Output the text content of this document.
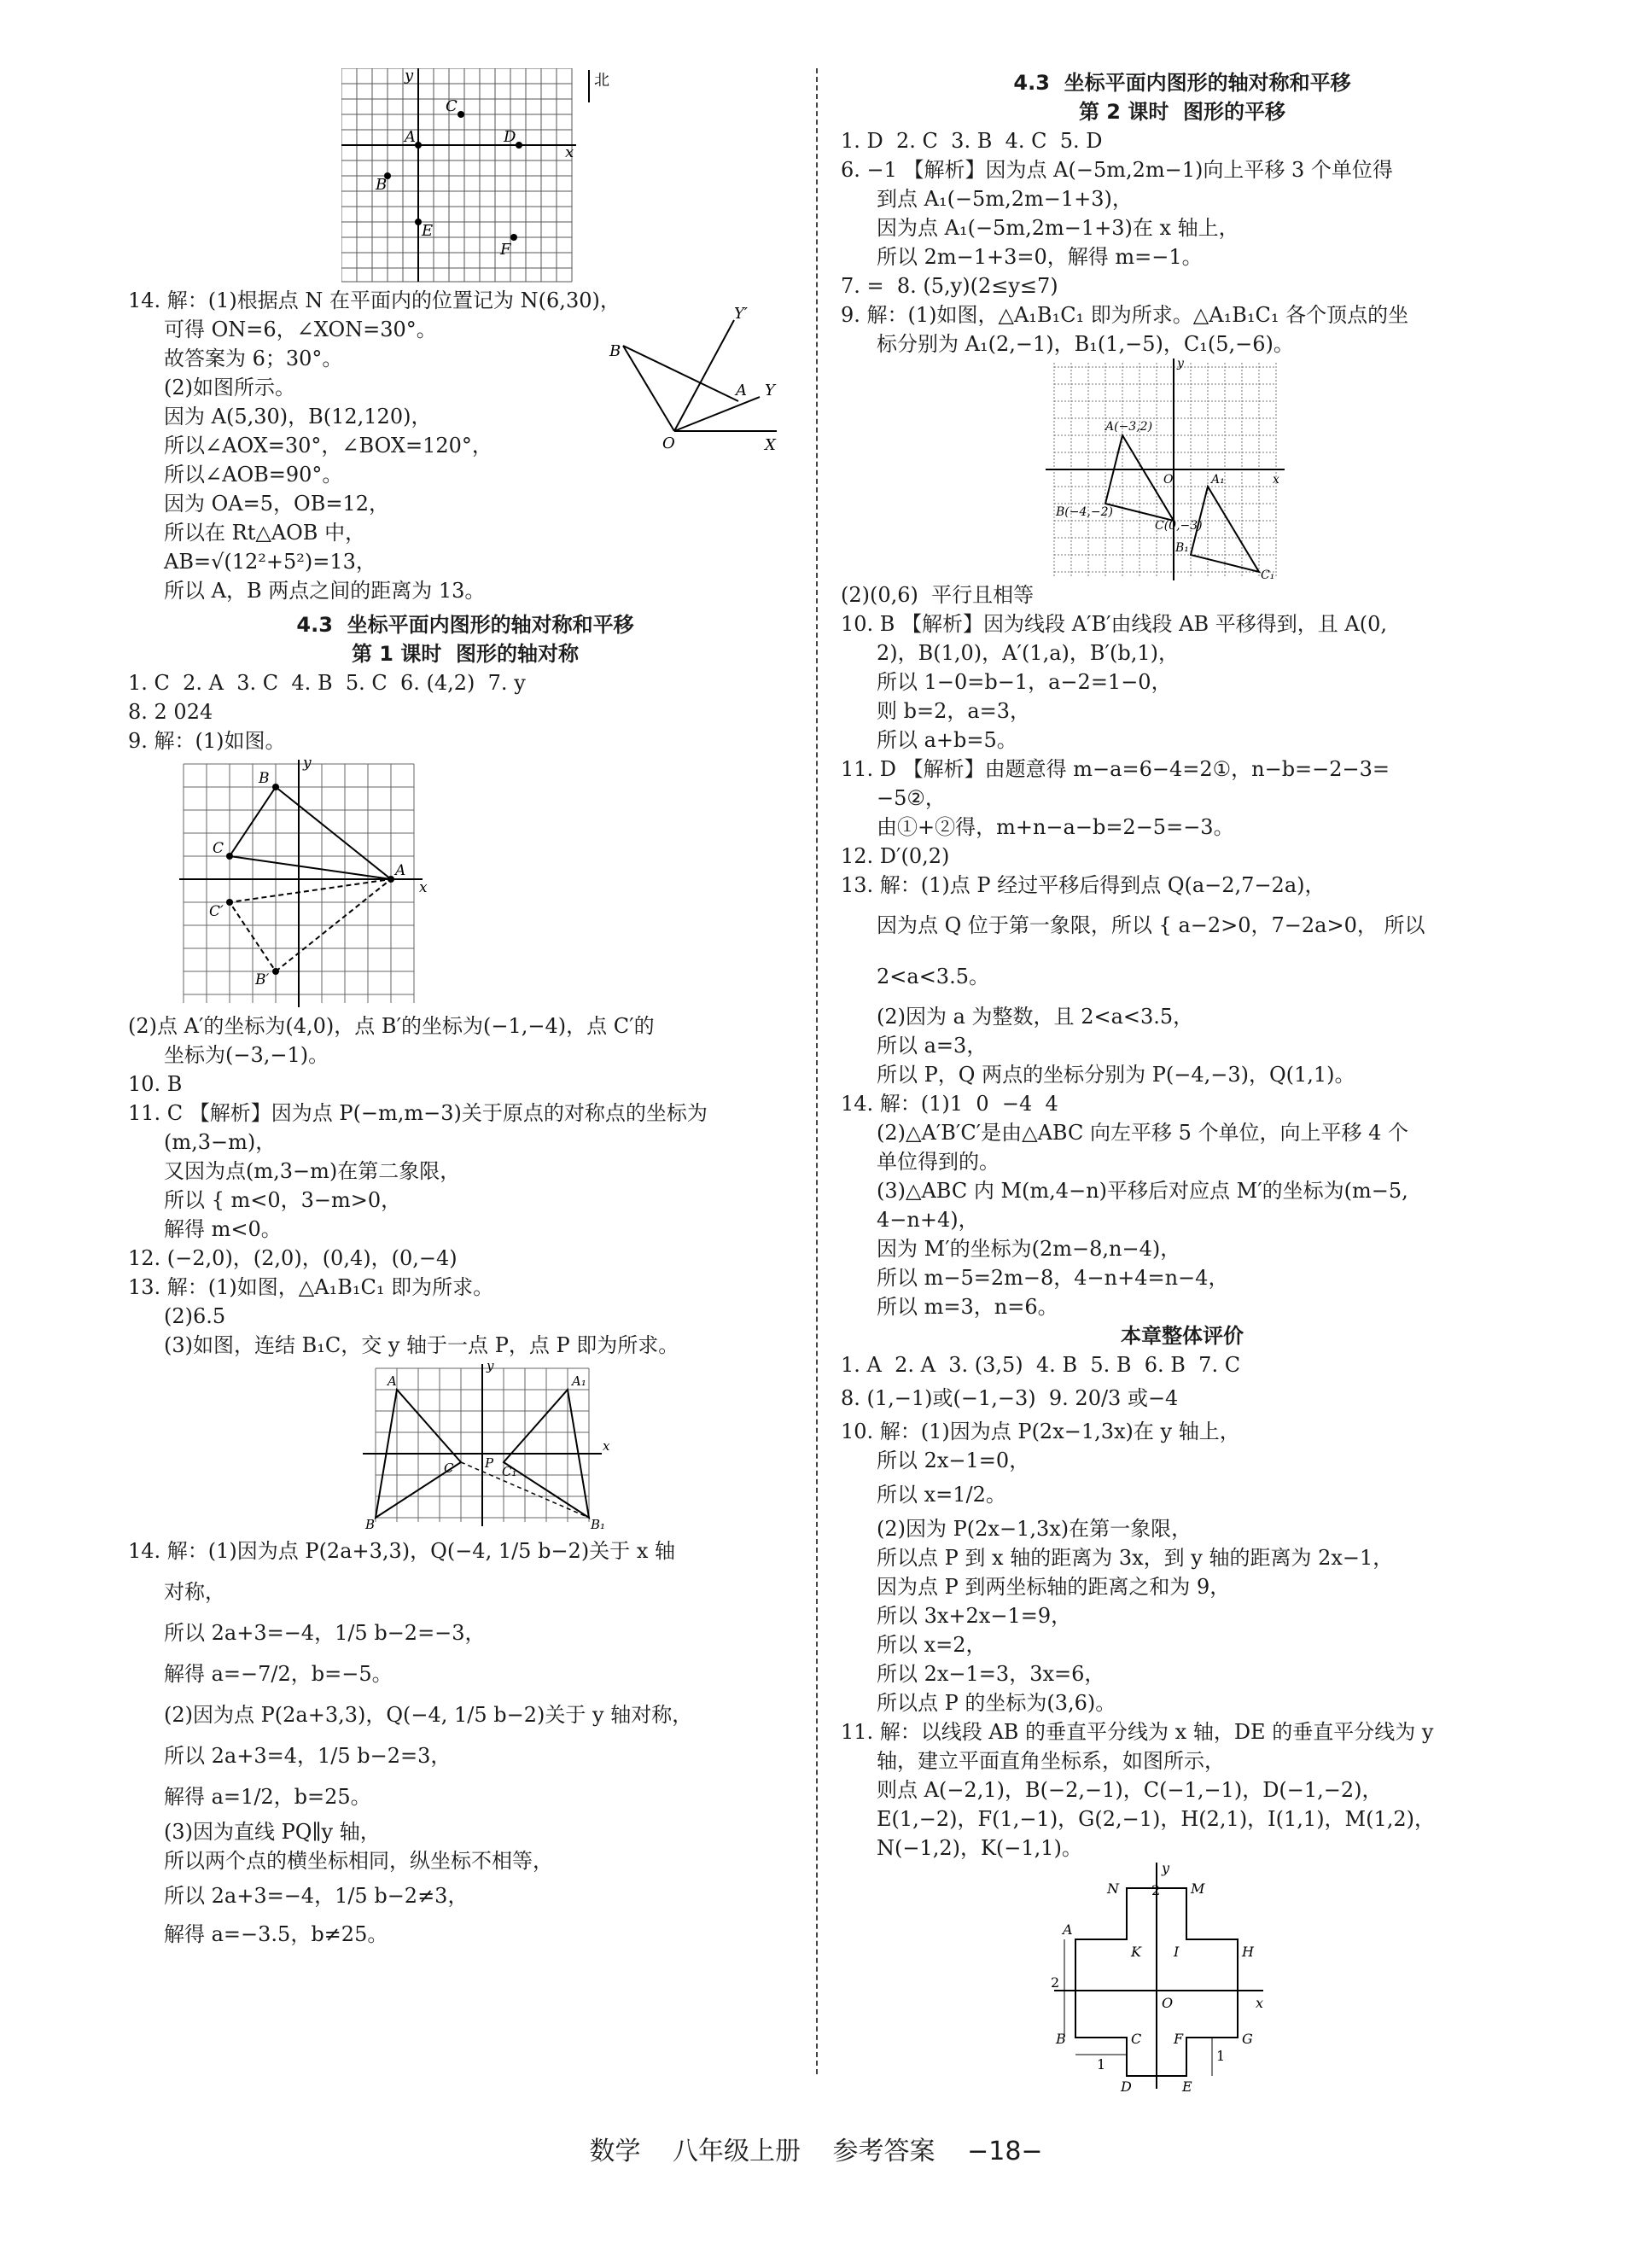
y	北
C
A	D
x
B
E
F
14. 解：(1)根据点 N 在平面内的位置记为 N(6,30)，
可得 ON=6，∠XON=30°。
故答案为 6；30°。
(2)如图所示。
因为 A(5,30)，B(12,120)，
所以∠AOX=30°，∠BOX=120°，
所以∠AOB=90°。
因为 OA=5，OB=12，
所以在 Rt△AOB 中，
AB=√(12²+5²)=13，
所以 A，B 两点之间的距离为 13。
Y′
B
A Y
O	X
4.3  坐标平面内图形的轴对称和平移
第 1 课时  图形的轴对称
1. C  2. A  3. C  4. B  5. C  6. (4,2)  7. y
8. 2 024
9. 解：(1)如图。
y
B
A
C
C′
B′
x
(2)点 A′的坐标为(4,0)，点 B′的坐标为(−1,−4)，点 C′的
坐标为(−3,−1)。
10. B
11. C 【解析】因为点 P(−m,m−3)关于原点的对称点的坐标为
(m,3−m)，
又因为点(m,3−m)在第二象限，
所以 { m<0，3−m>0，
解得 m<0。
12. (−2,0)，(2,0)，(0,4)，(0,−4)
13. 解：(1)如图，△A₁B₁C₁ 即为所求。
(2)6.5
(3)如图，连结 B₁C，交 y 轴于一点 P，点 P 即为所求。
y
A	A₁
C P
C₁
B	B₁
x
14. 解：(1)因为点 P(2a+3,3)，Q(−4, 1/5 b−2)关于 x 轴
对称，
所以 2a+3=−4，1/5 b−2=−3，
解得 a=−7/2，b=−5。
(2)因为点 P(2a+3,3)，Q(−4, 1/5 b−2)关于 y 轴对称，
所以 2a+3=4，1/5 b−2=3，
解得 a=1/2，b=25。
(3)因为直线 PQ∥y 轴，
所以两个点的横坐标相同，纵坐标不相等，
所以 2a+3=−4，1/5 b−2≠3，
解得 a=−3.5，b≠25。
4.3  坐标平面内图形的轴对称和平移
第 2 课时  图形的平移
1. D  2. C  3. B  4. C  5. D
6. −1 【解析】因为点 A(−5m,2m−1)向上平移 3 个单位得
到点 A₁(−5m,2m−1+3)，
因为点 A₁(−5m,2m−1+3)在 x 轴上，
所以 2m−1+3=0，解得 m=−1。
7. =  8. (5,y)(2≤y≤7)
9. 解：(1)如图，△A₁B₁C₁ 即为所求。△A₁B₁C₁ 各个顶点的坐
标分别为 A₁(2,−1)，B₁(1,−5)，C₁(5,−6)。
y
A(−3,2)
A₁
O	x
B(−4,−2)
C(0,−3)
B₁
C₁
(2)(0,6)  平行且相等
10. B 【解析】因为线段 A′B′由线段 AB 平移得到，且 A(0,
2)，B(1,0)，A′(1,a)，B′(b,1)，
所以 1−0=b−1，a−2=1−0，
则 b=2，a=3，
所以 a+b=5。
11. D 【解析】由题意得 m−a=6−4=2①，n−b=−2−3=
−5②，
由①+②得，m+n−a−b=2−5=−3。
12. D′(0,2)
13. 解：(1)点 P 经过平移后得到点 Q(a−2,7−2a)，
因为点 Q 位于第一象限，所以 { a−2>0，7−2a>0， 所以 2<a<3.5。
(2)因为 a 为整数，且 2<a<3.5，
所以 a=3，
所以 P，Q 两点的坐标分别为 P(−4,−3)，Q(1,1)。
14. 解：(1)1  0  −4  4
(2)△A′B′C′是由△ABC 向左平移 5 个单位，向上平移 4 个
单位得到的。
(3)△ABC 内 M(m,4−n)平移后对应点 M′的坐标为(m−5,
4−n+4)，
因为 M′的坐标为(2m−8,n−4)，
所以 m−5=2m−8，4−n+4=n−4，
所以 m=3，n=6。
本章整体评价
1. A  2. A  3. (3,5)  4. B  5. B  6. B  7. C
8. (1,−1)或(−1,−3)  9. 20/3 或−4
10. 解：(1)因为点 P(2x−1,3x)在 y 轴上，
所以 2x−1=0，
所以 x=1/2。
(2)因为 P(2x−1,3x)在第一象限，
所以点 P 到 x 轴的距离为 3x，到 y 轴的距离为 2x−1，
因为点 P 到两坐标轴的距离之和为 9，
所以 3x+2x−1=9，
所以 x=2，
所以 2x−1=3，3x=6，
所以点 P 的坐标为(3,6)。
11. 解：以线段 AB 的垂直平分线为 x 轴，DE 的垂直平分线为 y
轴，建立平面直角坐标系，如图所示，
则点 A(−2,1)，B(−2,−1)，C(−1,−1)，D(−1,−2)，
E(1,−2)，F(1,−1)，G(2,−1)，H(2,1)，I(1,1)，M(1,2)，
N(−1,2)，K(−1,1)。
y
N 2 M
A
K I	H
2
O	x
B	C F	G
1
1
D	E
数学 八年级上册 参考答案 −18−
